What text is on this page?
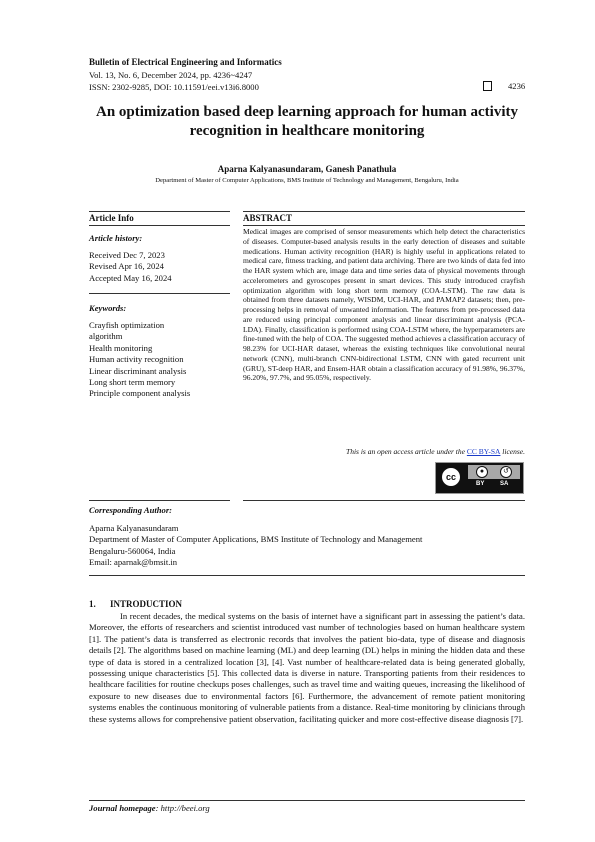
Bulletin of Electrical Engineering and Informatics
Vol. 13, No. 6, December 2024, pp. 4236~4247
ISSN: 2302-9285, DOI: 10.11591/eei.v13i6.8000	4236
An optimization based deep learning approach for human activity recognition in healthcare monitoring
Aparna Kalyanasundaram, Ganesh Panathula
Department of Master of Computer Applications, BMS Institute of Technology and Management, Bengaluru, India
Article Info	ABSTRACT
Article history:
Received Dec 7, 2023
Revised Apr 16, 2024
Accepted May 16, 2024
Keywords:
Crayfish optimization
algorithm
Health monitoring
Human activity recognition
Linear discriminant analysis
Long short term memory
Principle component analysis
Medical images are comprised of sensor measurements which help detect the characteristics of diseases. Computer-based analysis results in the early detection of diseases and suitable medications. Human activity recognition (HAR) is highly useful in applications related to medical care, fitness tracking, and patient data archiving. There are two kinds of data fed into the HAR system which are, image data and time series data of physical movements through accelerometers and gyroscopes present in smart devices. This study introduced crayfish optimization algorithm with long short term memory (COA-LSTM). The raw data is obtained from three datasets namely, WISDM, UCI-HAR, and PAMAP2 datasets; then, pre-processing helps in removal of unwanted information. The features from pre-processed data are reduced using principal component analysis and linear discriminant analysis (PCA-LDA). Finally, classification is performed using COA-LSTM where, the hyperparameters are fine-tuned with the help of COA. The suggested method achieves a classification accuracy of 98.23% for UCI-HAR dataset, whereas the existing techniques like convolutional neural network (CNN), multi-branch CNN-bidirectional LSTM, CNN with gated recurrent unit (GRU), ST-deep HAR, and Ensem-HAR obtain a classification accuracy of 91.98%, 96.37%, 96.20%, 97.7%, and 95.05%, respectively.
This is an open access article under the CC BY-SA license.
cc
●	↺
BY	SA
Corresponding Author:
Aparna Kalyanasundaram
Department of Master of Computer Applications, BMS Institute of Technology and Management
Bengaluru-560064, India
Email: aparnak@bmsit.in
1. INTRODUCTION
In recent decades, the medical systems on the basis of internet have a significant part in assessing the patient’s data. Moreover, the efforts of researchers and scientist introduced vast number of technologies based on human healthcare system [1]. The patient’s data is transferred as electronic records that involves the patient bio-data, type of disease and diagnosis details [2]. The algorithms based on machine learning (ML) and deep learning (DL) helps in mining the hidden data and these type of data is stored in a centralized location [3], [4]. Vast number of healthcare-related data is being generated globally, possessing unique characteristics [5]. This collected data is diverse in nature. Transporting patients from their residences to healthcare facilities for routine checkups poses challenges, such as travel time and waiting queues, increasing the likelihood of exposure to new diseases due to environmental factors [6]. Furthermore, the advancement of remote patient monitoring systems enables the continuous monitoring of vulnerable patients from a distance. Real-time monitoring by clinicians through these systems allows for comprehensive patient observation, facilitating quicker and more cost-effective disease diagnosis [7].
Journal homepage: http://beei.org
